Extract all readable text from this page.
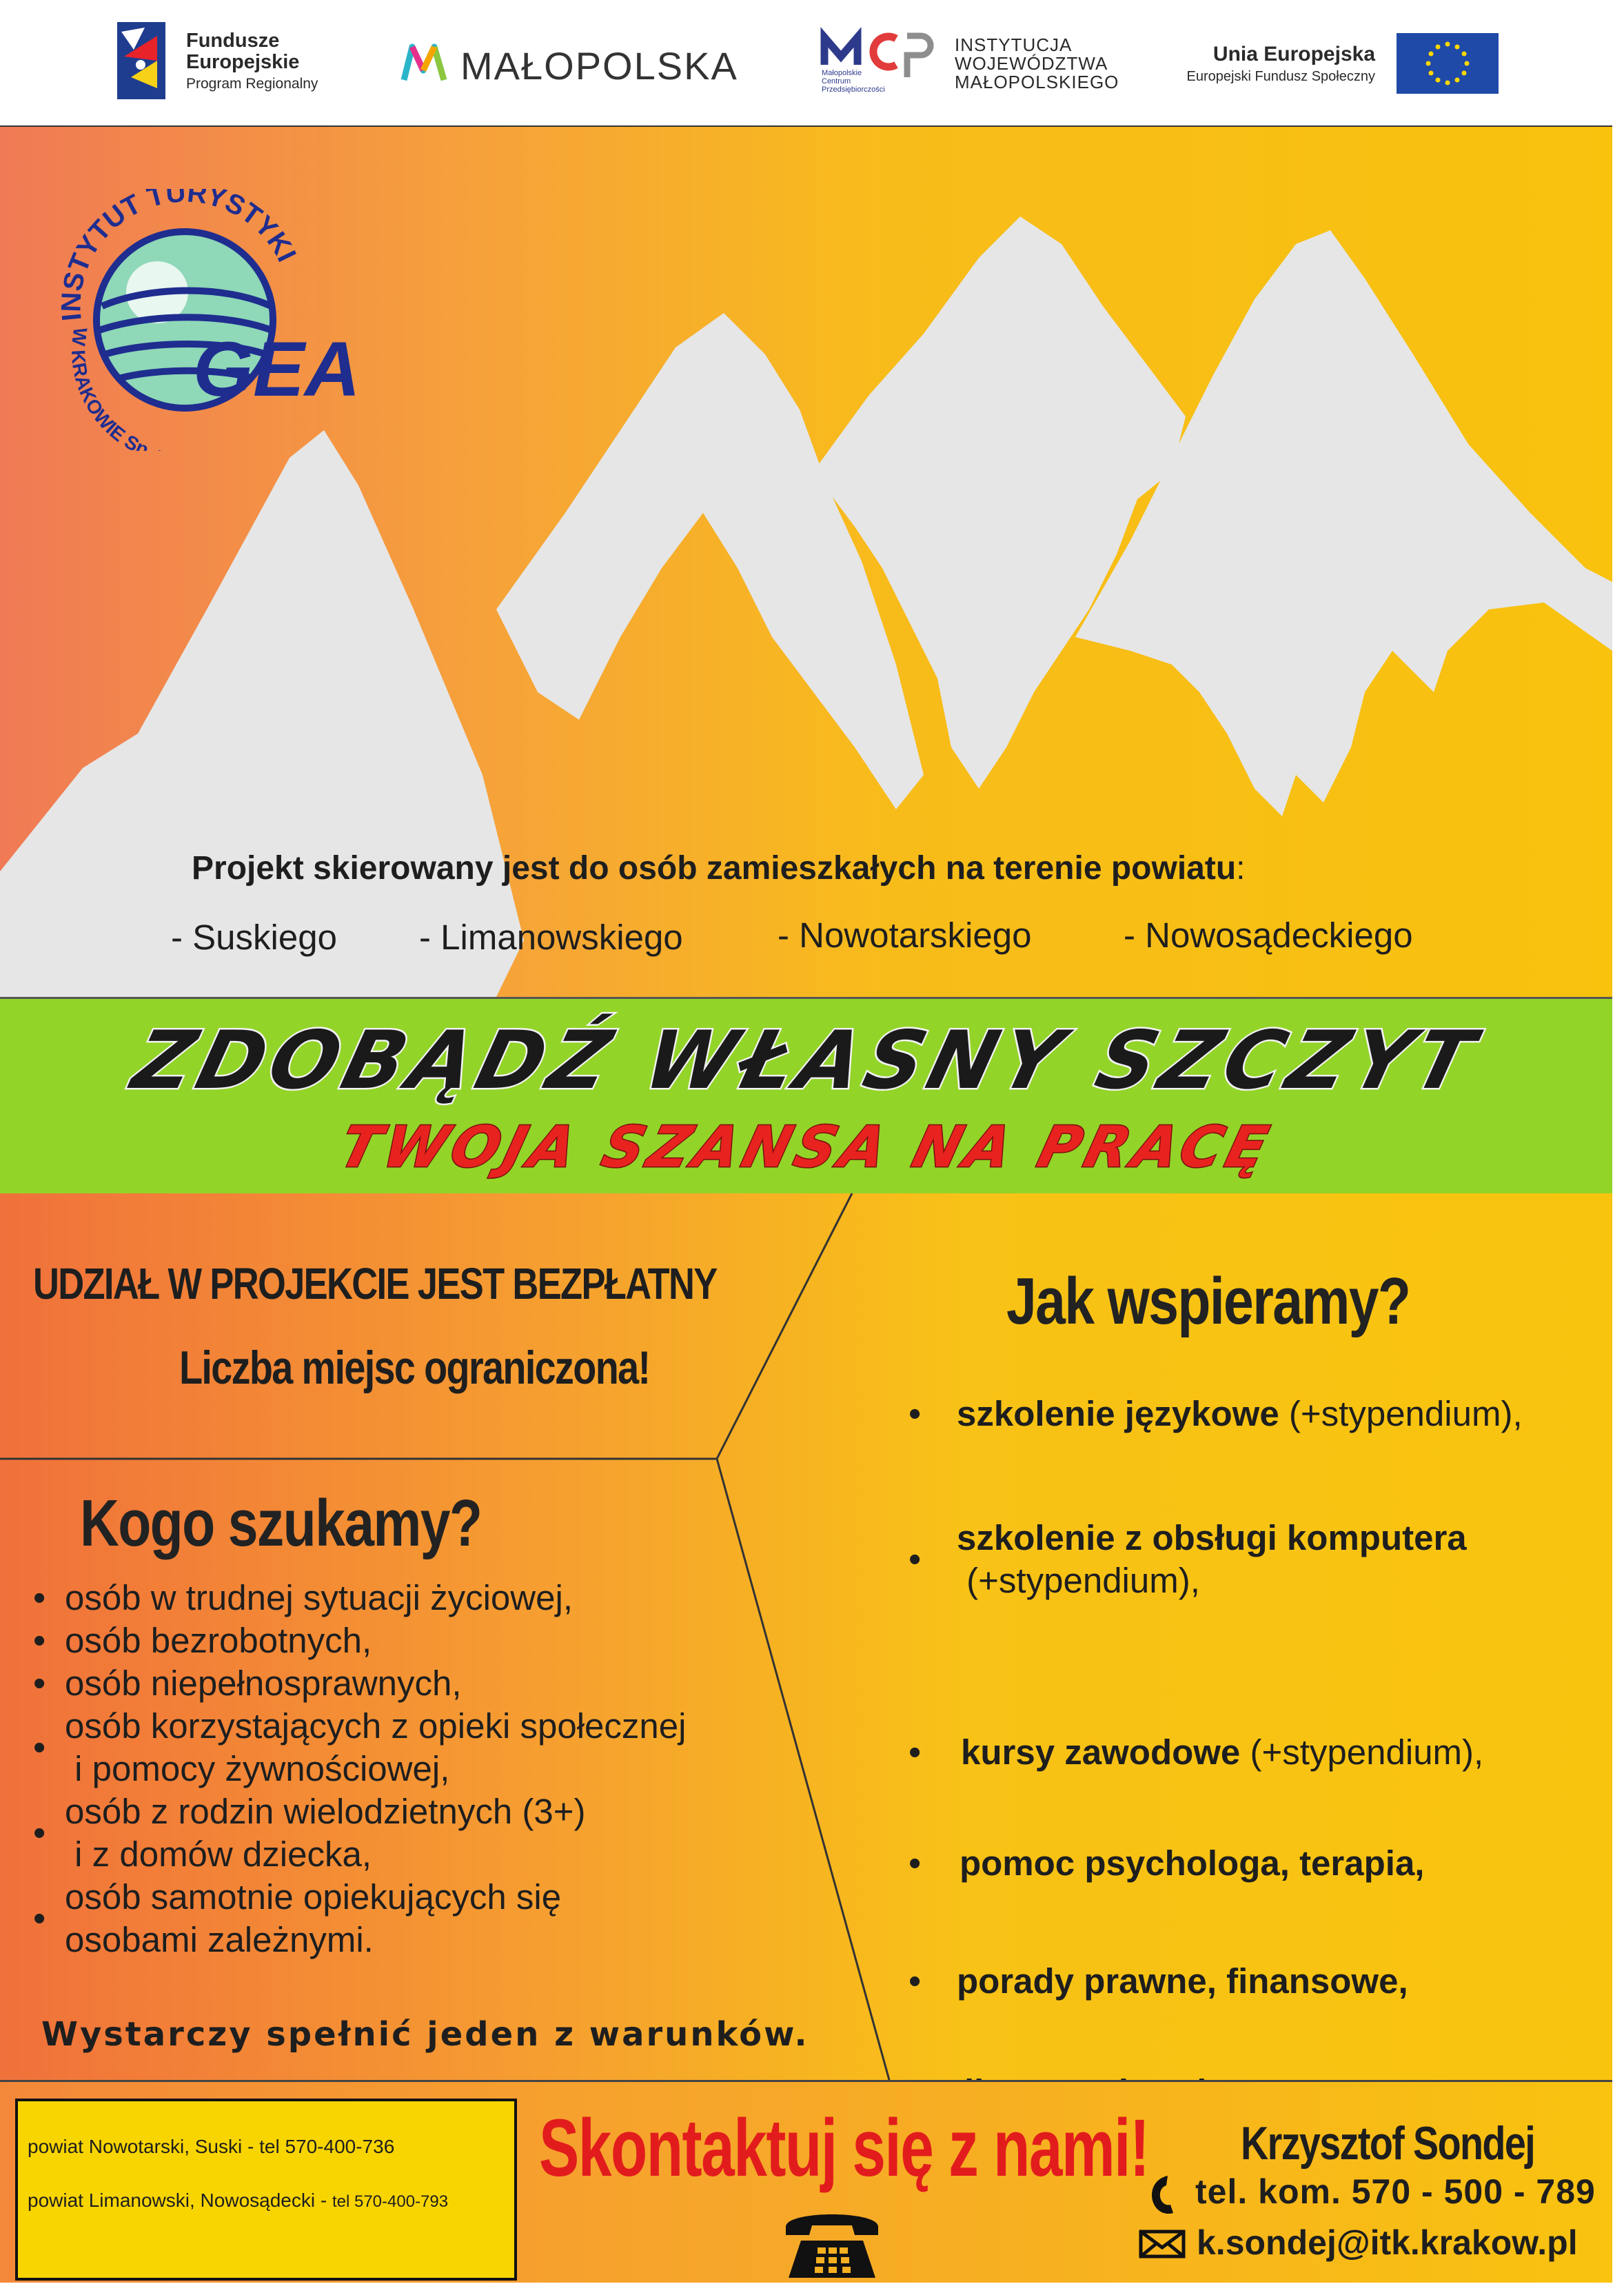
Fundusze
Europejskie
Program Regionalny	MAŁOPOLSKA	Małopolskie
Centrum
Przedsiębiorczości
INSTYTUCJA
WOJEWÓDZTWA
MAŁOPOLSKIEGO
Unia Europejska
Europejski Fundusz Społeczny
STYTUT TURYSTYKI
W KRAKOWIE Sp
GEA
Projekt skierowany jest do osób zamieszkałych na terenie powiatu:
- Suskiego - Limanowskiego	- Nowotarskiego	- Nowosądeckiego
ZDOBĄDŹ WŁASNY SZCZYT
TWOJA SZANSA NA PRACĘ
UDZIAŁ W PROJEKCIE JEST BEZPŁATNY
Liczba miejsc ograniczona!
Kogo szukamy?
• osób w trudnej sytuacji życiowej,
• osób bezrobotnych,
• osób niepełnosprawnych,
• osób korzystających z opieki społecznej
i pomocy żywnościowej,
• osób z rodzin wielodzietnych (3+)
i z domów dziecka,
• osób samotnie opiekujących się
osobami zależnymi.
Wystarczy spełnić jeden z warunków.
Jak wspieramy?
• szkolenie językowe (+stypendium),
• szkolenie z obsługi komputera
(+stypendium),
• kursy zawodowe (+stypendium),
• pomoc psychologa, terapia,
• porady prawne, finansowe,
•
•
powiat Nowotarski, Suski - tel 570-400-736
powiat Limanowski, Nowosądecki - tel 570-400-793
Skontaktuj się z nami! Krzysztof Sondej
tel. kom. 570 - 500 - 789
k.sondej@itk.krakow.pl
